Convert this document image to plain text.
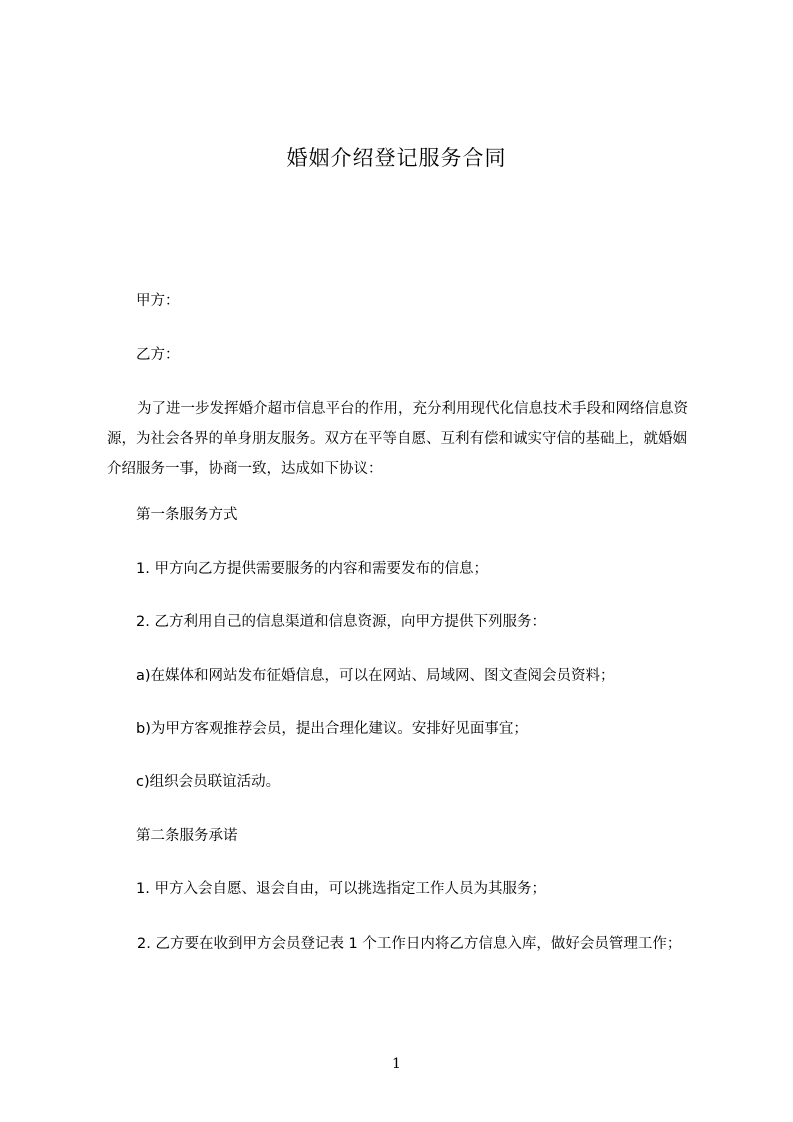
婚姻介绍登记服务合同
甲方：
乙方：

为了进一步发挥婚介超市信息平台的作用，充分利用现代化信息技术手段和网络信息资源，为社会各界的单身朋友服务。双方在平等自愿、互利有偿和诚实守信的基础上，就婚姻介绍服务一事，协商一致，达成如下协议：

第一条服务方式
1. 甲方向乙方提供需要服务的内容和需要发布的信息；
2. 乙方利用自己的信息渠道和信息资源，向甲方提供下列服务：
a)在媒体和网站发布征婚信息，可以在网站、局域网、图文查阅会员资料；
b)为甲方客观推荐会员，提出合理化建议。安排好见面事宜；
c)组织会员联谊活动。
第二条服务承诺
1. 甲方入会自愿、退会自由，可以挑选指定工作人员为其服务；

2. 乙方要在收到甲方会员登记表 1 个工作日内将乙方信息入库，做好会员管理工作；

1
